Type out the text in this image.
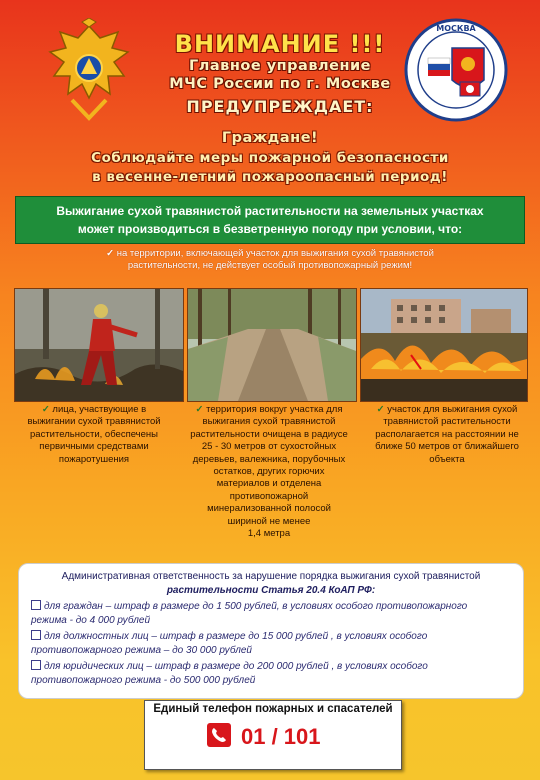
МОСКВА
ВНИМАНИЕ !!!
Главное управление
МЧС России по г. Москве
ПРЕДУПРЕЖДАЕТ:
Граждане!
Соблюдайте меры пожарной безопасности
в весенне-летний пожароопасный период!
Выжигание сухой травянистой растительности на земельных участках
может производиться в безветренную погоду при условии, что:
✓ на территории, включающей участок для выжигания сухой травянистой
растительности, не действует особый противопожарный режим!
✓ лица, участвующие в
выжигании сухой травянистой
растительности, обеспечены
первичными средствами
пожаротушения
✓ территория вокруг участка для
выжигания сухой травянистой
растительности очищена в радиусе
25 - 30 метров от сухостойных
деревьев, валежника, порубочных
остатков, других горючих
материалов и отделена
противопожарной
минерализованной полосой
шириной не менее
1,4 метра
✓ участок для выжигания сухой
травянистой растительности
располагается на расстоянии не
ближе 50 метров от ближайшего
объекта
Административная ответственность за нарушение порядка выжигания сухой травянистой
растительности Статья 20.4 КоАП РФ:
для граждан – штраф в размере до 1 500 рублей, в условиях особого противопожарного
режима - до 4 000 рублей
для должностных лиц – штраф в размере до 15 000 рублей , в условиях особого
противопожарного режима – до 30 000 рублей
для юридических лиц – штраф в размере до 200 000 рублей , в условиях особого
противопожарного режима - до 500 000 рублей
Единый телефон пожарных и спасателей
01 / 101
